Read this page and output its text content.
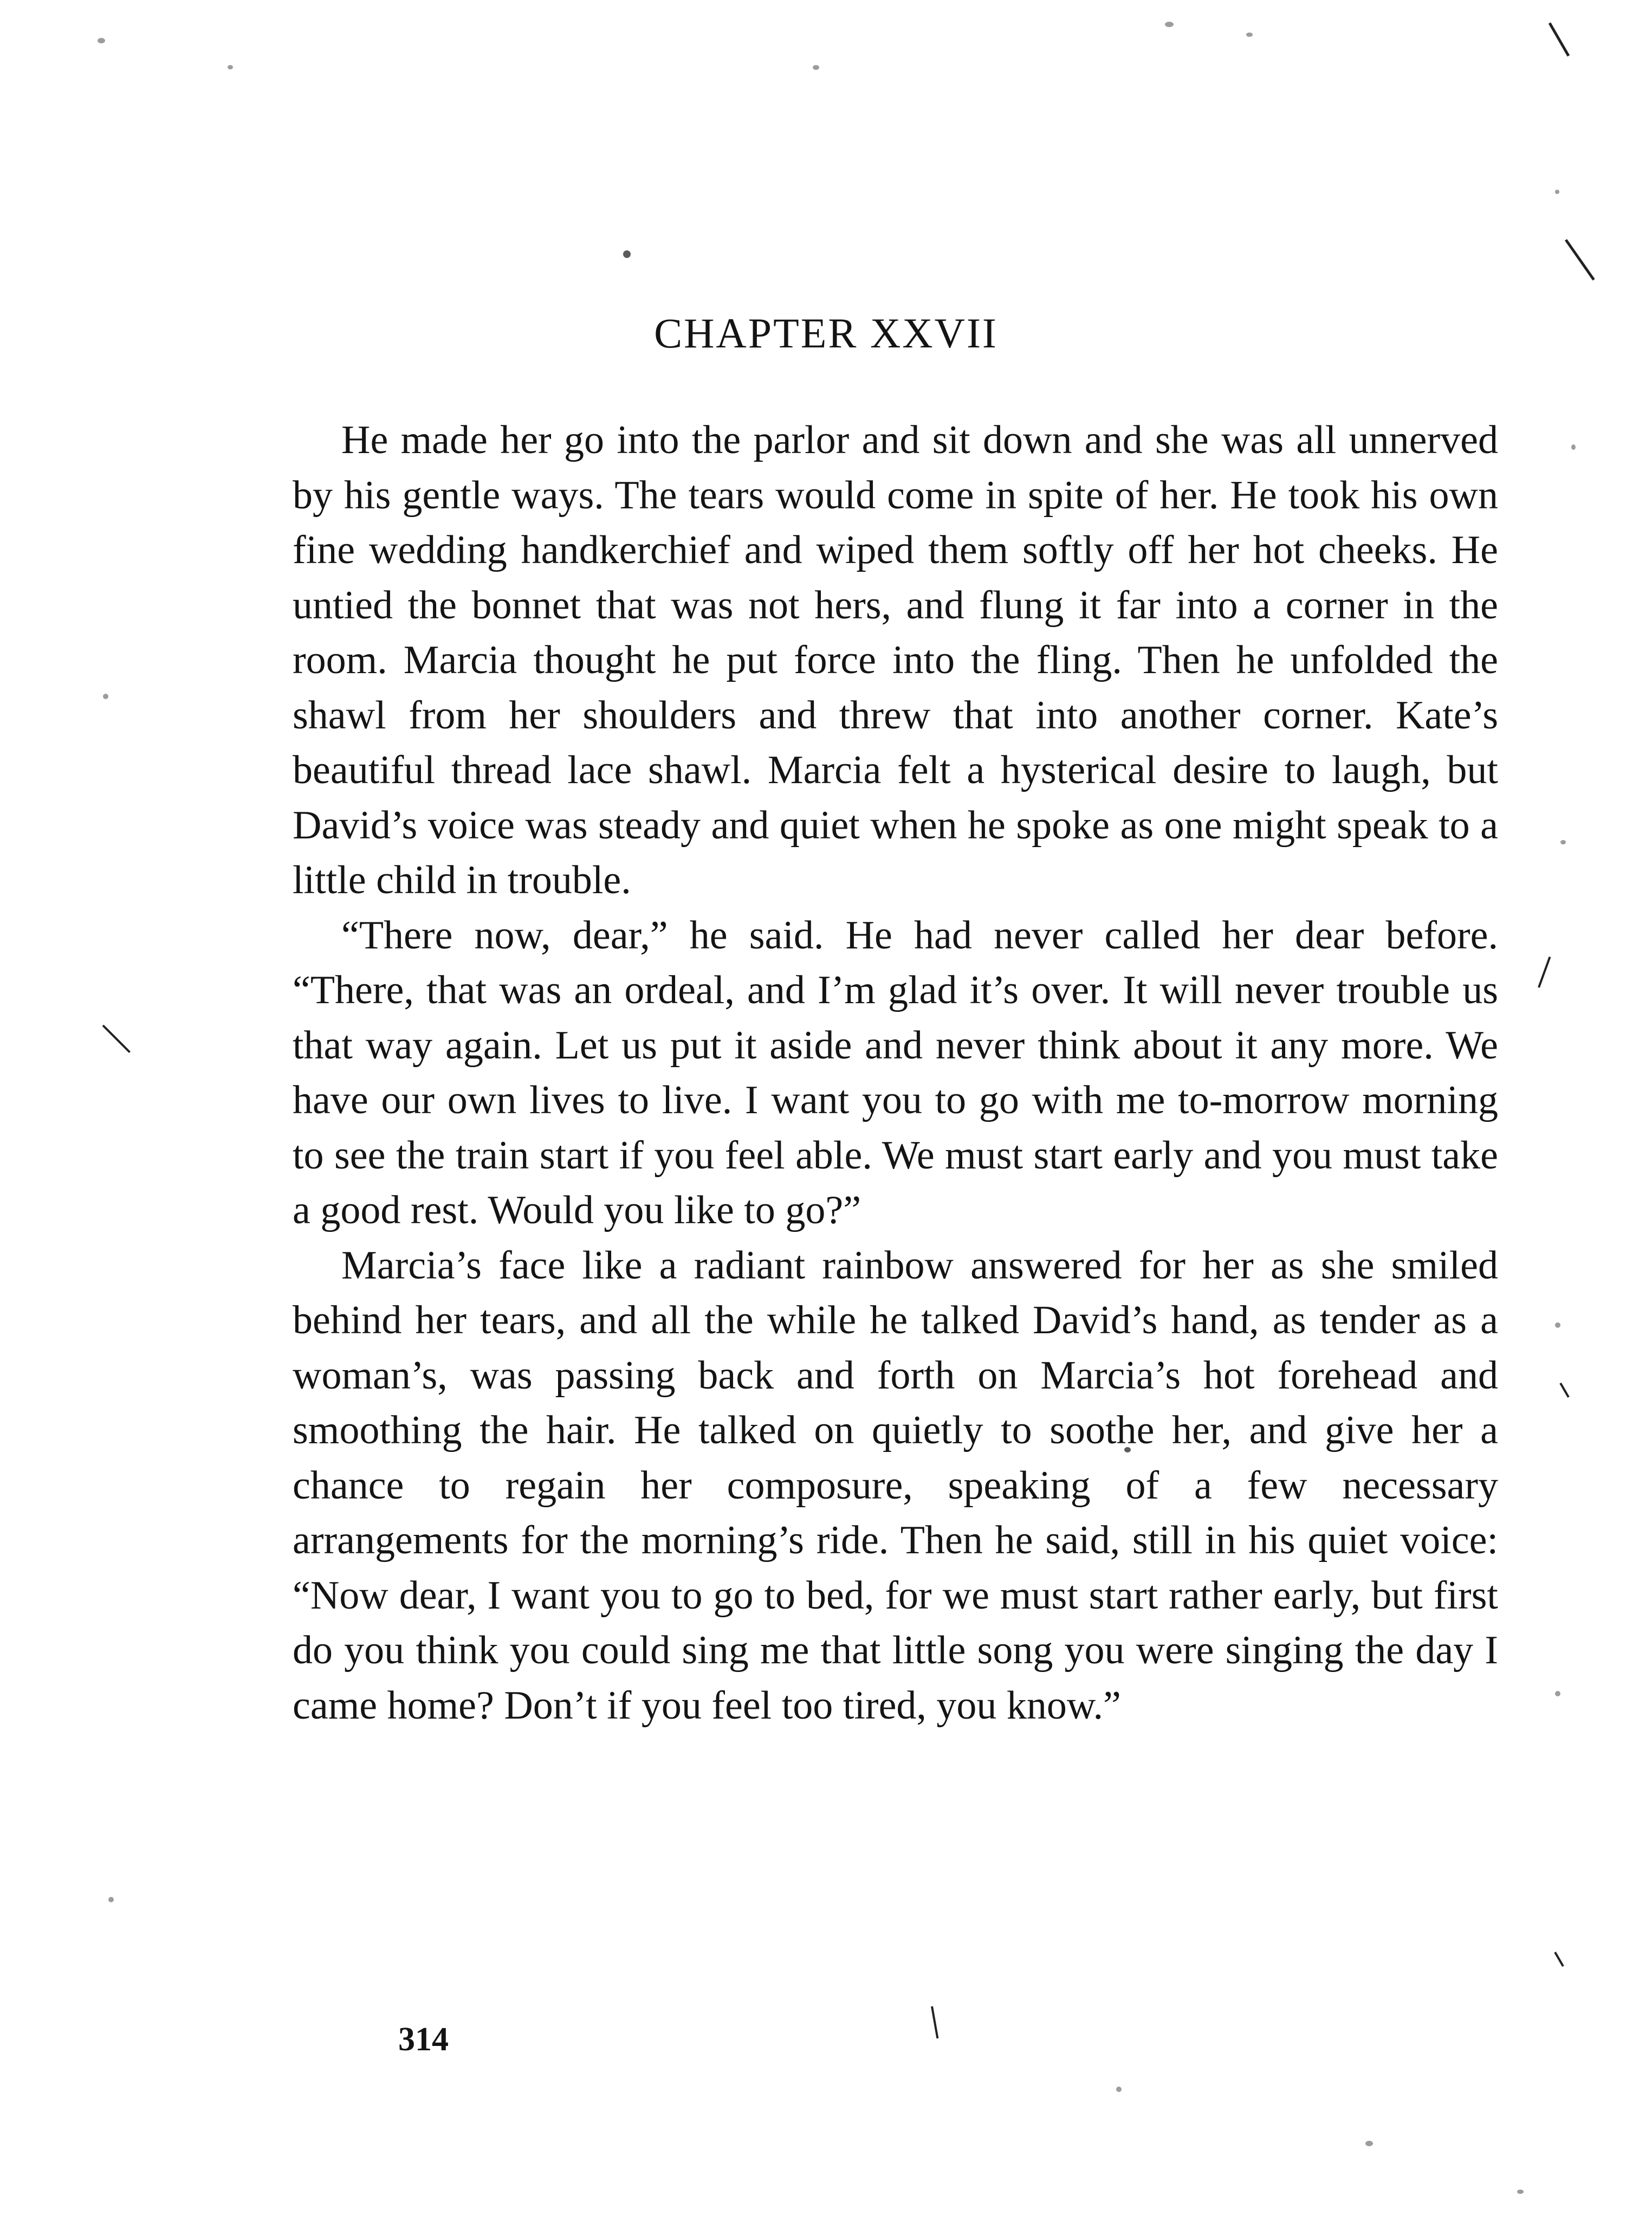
CHAPTER XXVII

He made her go into the parlor and sit down and she was all unnerved by his gentle ways. The tears would come in spite of her. He took his own fine wedding handkerchief and wiped them softly off her hot cheeks. He untied the bonnet that was not hers, and flung it far into a corner in the room. Marcia thought he put force into the fling. Then he unfolded the shawl from her shoulders and threw that into another corner. Kate’s beautiful thread lace shawl. Marcia felt a hysterical desire to laugh, but David’s voice was steady and quiet when he spoke as one might speak to a little child in trouble.

“There now, dear,” he said. He had never called her dear before. “There, that was an ordeal, and I’m glad it’s over. It will never trouble us that way again. Let us put it aside and never think about it any more. We have our own lives to live. I want you to go with me to-morrow morning to see the train start if you feel able. We must start early and you must take a good rest. Would you like to go?”

Marcia’s face like a radiant rainbow answered for her as she smiled behind her tears, and all the while he talked David’s hand, as tender as a woman’s, was passing back and forth on Marcia’s hot forehead and smoothing the hair. He talked on quietly to soothe her, and give her a chance to regain her composure, speaking of a few necessary arrangements for the morning’s ride. Then he said, still in his quiet voice: “Now dear, I want you to go to bed, for we must start rather early, but first do you think you could sing me that little song you were singing the day I came home? Don’t if you feel too tired, you know.”

314
